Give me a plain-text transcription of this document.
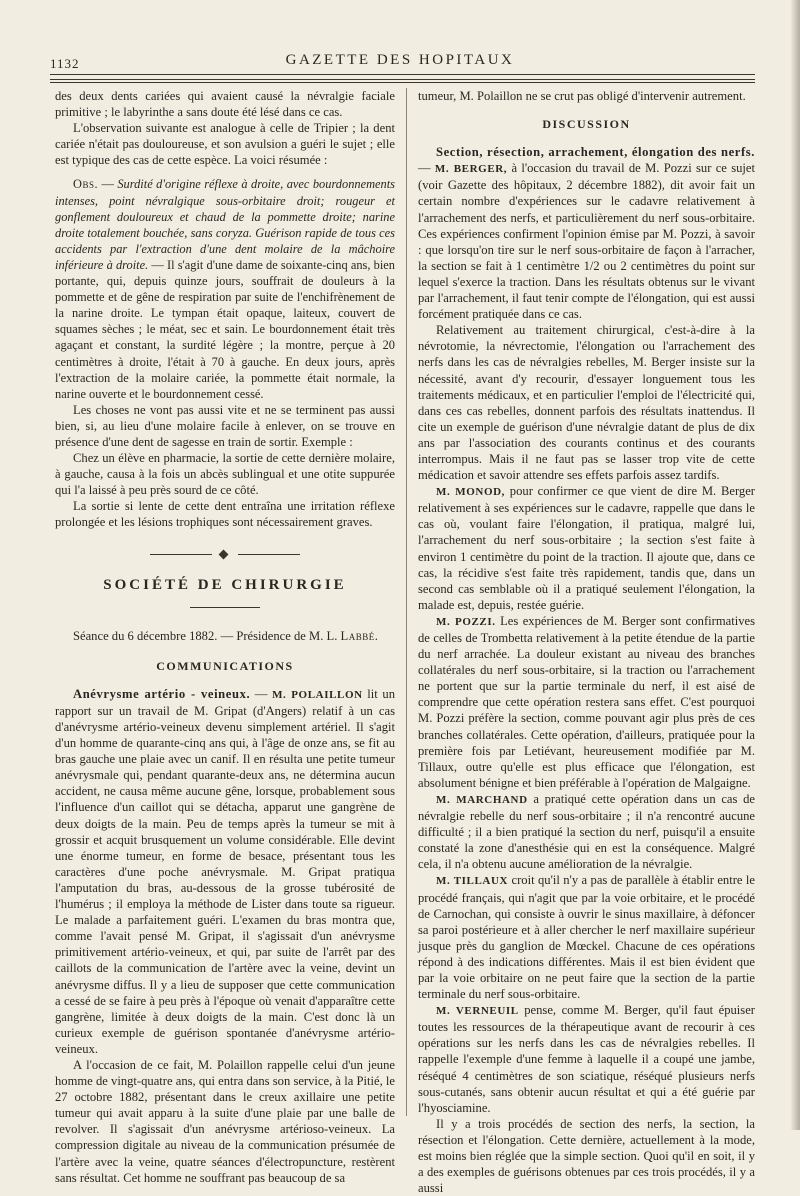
1132	GAZETTE DES HOPITAUX

des deux dents cariées qui avaient causé la névralgie faciale primitive ; le labyrinthe a sans doute été lésé dans ce cas.

L'observation suivante est analogue à celle de Tripier ; la dent cariée n'était pas douloureuse, et son avulsion a guéri le sujet ; elle est typique des cas de cette espèce. La voici résumée :

Obs. — Surdité d'origine réflexe à droite, avec bourdonnements intenses, point névralgique sous-orbitaire droit; rougeur et gonflement douloureux et chaud de la pommette droite; narine droite totalement bouchée, sans coryza. Guérison rapide de tous ces accidents par l'extraction d'une dent molaire de la mâchoire inférieure à droite. — Il s'agit d'une dame de soixante-cinq ans, bien portante, qui, depuis quinze jours, souffrait de douleurs à la pommette et de gêne de respiration par suite de l'enchifrènement de la narine droite. Le tympan était opaque, laiteux, couvert de squames sèches ; le méat, sec et sain. Le bourdonnement était très agaçant et constant, la surdité légère ; la montre, perçue à 20 centimètres à droite, l'était à 70 à gauche. En deux jours, après l'extraction de la molaire cariée, la pommette était normale, la narine ouverte et le bourdonnement cessé.

Les choses ne vont pas aussi vite et ne se terminent pas aussi bien, si, au lieu d'une molaire facile à enlever, on se trouve en présence d'une dent de sagesse en train de sortir. Exemple :

Chez un élève en pharmacie, la sortie de cette dernière molaire, à gauche, causa à la fois un abcès sublingual et une otite suppurée qui l'a laissé à peu près sourd de ce côté.

La sortie si lente de cette dent entraîna une irritation réflexe prolongée et les lésions trophiques sont nécessairement graves.

SOCIÉTÉ DE CHIRURGIE

Séance du 6 décembre 1882. — Présidence de M. L. Labbé.

COMMUNICATIONS

Anévrysme artério - veineux. — M. POLAILLON lit un rapport sur un travail de M. Gripat (d'Angers) relatif à un cas d'anévrysme artério-veineux devenu simplement artériel. Il s'agit d'un homme de quarante-cinq ans qui, à l'âge de onze ans, se fit au bras gauche une plaie avec un canif. Il en résulta une petite tumeur anévrysmale qui, pendant quarante-deux ans, ne détermina aucun accident, ne causa même aucune gêne, lorsque, probablement sous l'influence d'un caillot qui se détacha, apparut une gangrène de deux doigts de la main. Peu de temps après la tumeur se mit à grossir et acquit brusquement un volume considérable. Elle devint une énorme tumeur, en forme de besace, présentant tous les caractères d'une poche anévrysmale. M. Gripat pratiqua l'amputation du bras, au-dessous de la grosse tubérosité de l'humérus ; il employa la méthode de Lister dans toute sa rigueur. Le malade a parfaitement guéri. L'examen du bras montra que, comme l'avait pensé M. Gripat, il s'agissait d'un anévrysme primitivement artério-veineux, et qui, par suite de l'arrêt par des caillots de la communication de l'artère avec la veine, devint un anévrysme diffus. Il y a lieu de supposer que cette communication a cessé de se faire à peu près à l'époque où venait d'apparaître cette gangrène, limitée à deux doigts de la main. C'est donc là un curieux exemple de guérison spontanée d'anévrysme artério-veineux.

A l'occasion de ce fait, M. Polaillon rappelle celui d'un jeune homme de vingt-quatre ans, qui entra dans son service, à la Pitié, le 27 octobre 1882, présentant dans le creux axillaire une petite tumeur qui avait apparu à la suite d'une plaie par une balle de revolver. Il s'agissait d'un anévrysme artérioso-veineux. La compression digitale au niveau de la communication présumée de l'artère avec la veine, quatre séances d'électropuncture, restèrent sans résultat. Cet homme ne souffrant pas beaucoup de sa

tumeur, M. Polaillon ne se crut pas obligé d'intervenir autrement.

DISCUSSION

Section, résection, arrachement, élongation des nerfs. — M. BERGER, à l'occasion du travail de M. Pozzi sur ce sujet (voir Gazette des hôpitaux, 2 décembre 1882), dit avoir fait un certain nombre d'expériences sur le cadavre relativement à l'arrachement des nerfs, et particulièrement du nerf sous-orbitaire. Ces expériences confirment l'opinion émise par M. Pozzi, à savoir : que lorsqu'on tire sur le nerf sous-orbitaire de façon à l'arracher, la section se fait à 1 centimètre 1/2 ou 2 centimètres du point sur lequel s'exerce la traction. Dans les résultats obtenus sur le vivant par l'arrachement, il faut tenir compte de l'élongation, qui est aussi forcément pratiquée dans ce cas.

Relativement au traitement chirurgical, c'est-à-dire à la névrotomie, la névrectomie, l'élongation ou l'arrachement des nerfs dans les cas de névralgies rebelles, M. Berger insiste sur la nécessité, avant d'y recourir, d'essayer longuement tous les traitements médicaux, et en particulier l'emploi de l'électricité qui, dans ces cas rebelles, donnent parfois des résultats inattendus. Il cite un exemple de guérison d'une névralgie datant de plus de dix ans par l'association des courants continus et des courants interrompus. Mais il ne faut pas se lasser trop vite de cette médication et savoir attendre ses effets parfois assez tardifs.

M. MONOD, pour confirmer ce que vient de dire M. Berger relativement à ses expériences sur le cadavre, rappelle que dans le cas où, voulant faire l'élongation, il pratiqua, malgré lui, l'arrachement du nerf sous-orbitaire ; la section s'est faite à environ 1 centimètre du point de la traction. Il ajoute que, dans ce cas, la récidive s'est faite très rapidement, tandis que, dans un second cas semblable où il a pratiqué seulement l'élongation, la malade est, depuis, restée guérie.

M. POZZI. Les expériences de M. Berger sont confirmatives de celles de Trombetta relativement à la petite étendue de la partie du nerf arrachée. La douleur existant au niveau des branches collatérales du nerf sous-orbitaire, si la traction ou l'arrachement ne portent que sur la partie terminale du nerf, il est aisé de comprendre que cette opération restera sans effet. C'est pourquoi M. Pozzi préfère la section, comme pouvant agir plus près de ces branches collatérales. Cette opération, d'ailleurs, pratiquée pour la première fois par Letiévant, heureusement modifiée par M. Tillaux, outre qu'elle est plus efficace que l'élongation, est absolument bénigne et bien préférable à l'opération de Malgaigne.

M. MARCHAND a pratiqué cette opération dans un cas de névralgie rebelle du nerf sous-orbitaire ; il n'a rencontré aucune difficulté ; il a bien pratiqué la section du nerf, puisqu'il a ensuite constaté la zone d'anesthésie qui en est la conséquence. Malgré cela, il n'a obtenu aucune amélioration de la névralgie.

M. TILLAUX croit qu'il n'y a pas de parallèle à établir entre le procédé français, qui n'agit que par la voie orbitaire, et le procédé de Carnochan, qui consiste à ouvrir le sinus maxillaire, à défoncer sa paroi postérieure et à aller chercher le nerf maxillaire supérieur jusque près du ganglion de Mœckel. Chacune de ces opérations répond à des indications différentes. Mais il est bien évident que par la voie orbitaire on ne peut faire que la section de la partie terminale du nerf sous-orbitaire.

M. VERNEUIL pense, comme M. Berger, qu'il faut épuiser toutes les ressources de la thérapeutique avant de recourir à ces opérations sur les nerfs dans les cas de névralgies rebelles. Il rappelle l'exemple d'une femme à laquelle il a coupé une jambe, réséqué 4 centimètres de son sciatique, réséqué plusieurs nerfs sous-cutanés, sans obtenir aucun résultat et qui a été guérie par l'hyoscіamine.

Il y a trois procédés de section des nerfs, la section, la résection et l'élongation. Cette dernière, actuellement à la mode, est moins bien réglée que la simple section. Quoi qu'il en soit, il y a des exemples de guérisons obtenues par ces trois procédés, il y a aussi
